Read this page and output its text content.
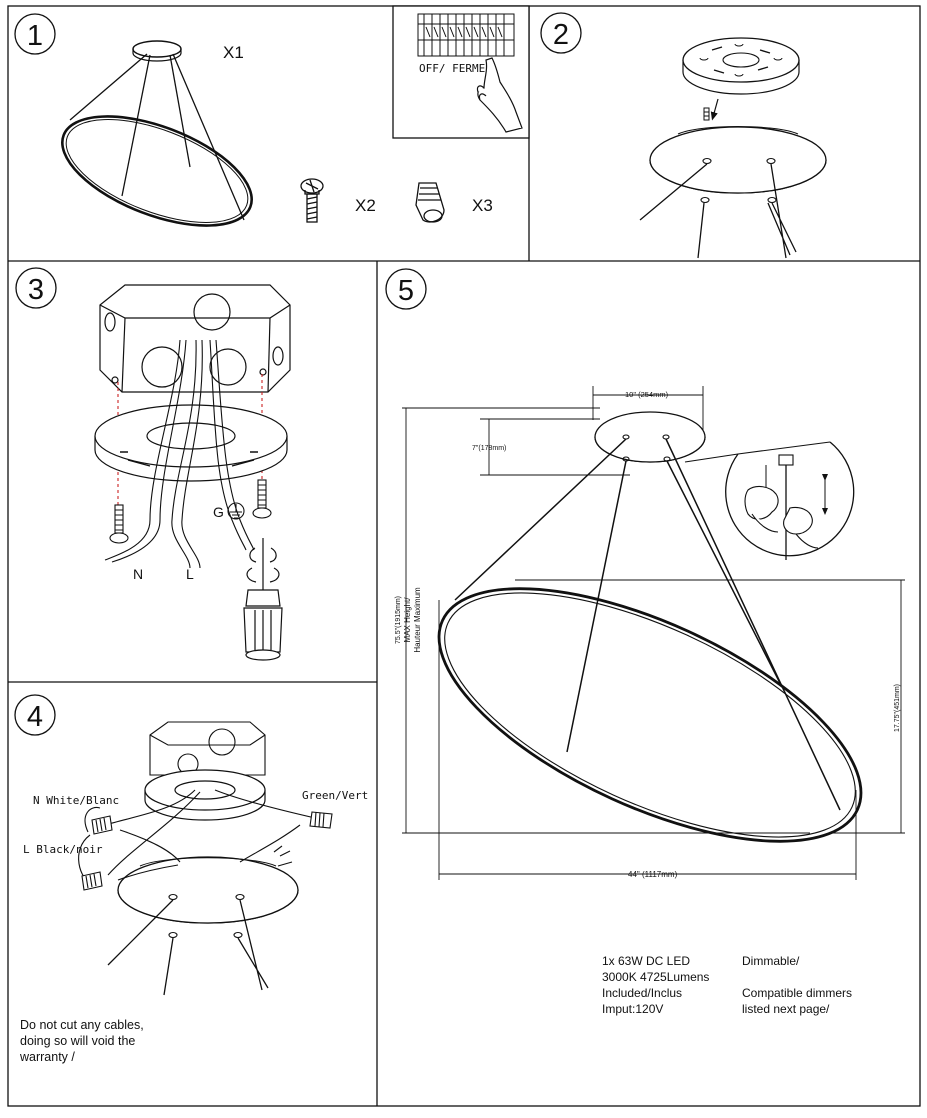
1	2
3
4
5
X1
X2	X3
OFF/ FERME
G
N	L
N White/Blanc
L Black/noir
Green/Vert
Do not cut any cables,
doing so will void the
warranty /
10" (254mm)
7"(178mm)
75.5"(1915mm) MAX Height/ Hauteur Maximum
17.75"(451mm)
44" (1117mm)
1x 63W DC LED
3000K 4725Lumens
Included/Inclus
Imput:120V
Dimmable/
Compatible dimmers
listed next page/
